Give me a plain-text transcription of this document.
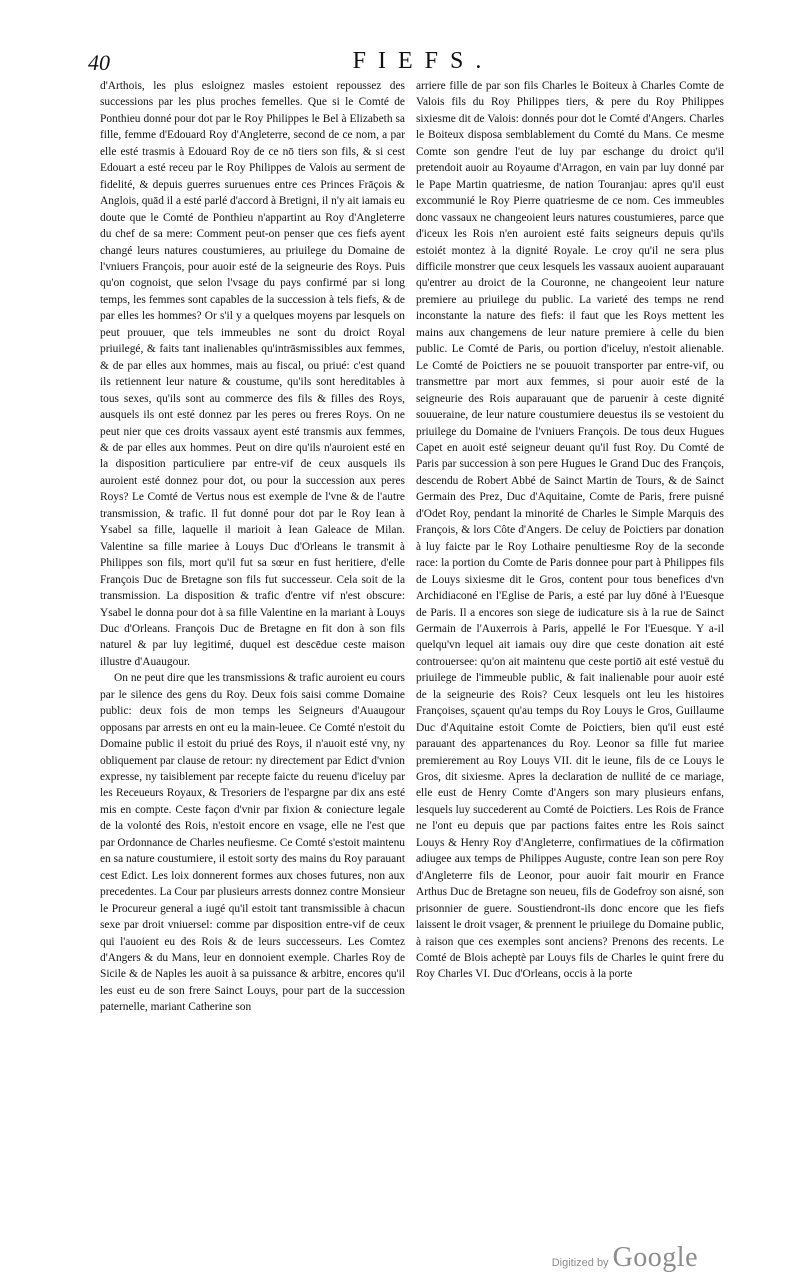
40	FIEFS.

d'Arthois, les plus esloignez masles estoient repoussez des successions par les plus proches femelles. Que si le Comté de Ponthieu donné pour dot par le Roy Philippes le Bel à Elizabeth sa fille, femme d'Edouard Roy d'Angleterre, second de ce nom, a par elle esté trasmis à Edouard Roy de ce nō tiers son fils, & si cest Edouart a esté receu par le Roy Philippes de Valois au serment de fidelité, & depuis guerres suruenues entre ces Princes Frāçois & Anglois, quād il a esté parlé d'accord à Bretigni, il n'y ait iamais eu doute que le Comté de Ponthieu n'appartint au Roy d'Angleterre du chef de sa mere: Comment peut-on penser que ces fiefs ayent changé leurs natures coustumieres, au priuilege du Domaine de l'vniuers François, pour auoir esté de la seigneurie des Roys. Puis qu'on cognoist, que selon l'vsage du pays confirmé par si long temps, les femmes sont capables de la succession à tels fiefs, & de par elles les hommes? Or s'il y a quelques moyens par lesquels on peut prouuer, que tels immeubles ne sont du droict Royal priuilegé, & faits tant inalienables qu'intrāsmissibles aux femmes, & de par elles aux hommes, mais au fiscal, ou priué: c'est quand ils retiennent leur nature & coustume, qu'ils sont hereditables à tous sexes, qu'ils sont au commerce des fils & filles des Roys, ausquels ils ont esté donnez par les peres ou freres Roys. On ne peut nier que ces droits vassaux ayent esté transmis aux femmes, & de par elles aux hommes. Peut on dire qu'ils n'auroient esté en la disposition particuliere par entre-vif de ceux ausquels ils auroient esté donnez pour dot, ou pour la succession aux peres Roys? Le Comté de Vertus nous est exemple de l'vne & de l'autre transmission, & trafic. Il fut donné pour dot par le Roy Iean à Ysabel sa fille, laquelle il marioit à Iean Galeace de Milan. Valentine sa fille mariee à Louys Duc d'Orleans le transmit à Philippes son fils, mort qu'il fut sa sœur en fust heritiere, d'elle François Duc de Bretagne son fils fut successeur. Cela soit de la transmission. La disposition & trafic d'entre vif n'est obscure: Ysabel le donna pour dot à sa fille Valentine en la mariant à Louys Duc d'Orleans. François Duc de Bretagne en fit don à son fils naturel & par luy legitimé, duquel est descēdue ceste maison illustre d'Auaugour.

On ne peut dire que les transmissions & trafic auroient eu cours par le silence des gens du Roy. Deux fois saisi comme Domaine public: deux fois de mon temps les Seigneurs d'Auaugour opposans par arrests en ont eu la main-leuee. Ce Comté n'estoit du Domaine public il estoit du priué des Roys, il n'auoit esté vny, ny obliquement par clause de retour: ny directement par Edict d'vnion expresse, ny taisiblement par recepte faicte du reuenu d'iceluy par les Receueurs Royaux, & Tresoriers de l'espargne par dix ans esté mis en compte. Ceste façon d'vnir par fixion & coniecture legale de la volonté des Rois, n'estoit encore en vsage, elle ne l'est que par Ordonnance de Charles neufiesme. Ce Comté s'estoit maintenu en sa nature coustumiere, il estoit sorty des mains du Roy parauant cest Edict. Les loix donnerent formes aux choses futures, non aux precedentes. La Cour par plusieurs arrests donnez contre Monsieur le Procureur general a iugé qu'il estoit tant transmissible à chacun sexe par droit vniuersel: comme par disposition entre-vif de ceux qui l'auoient eu des Rois & de leurs successeurs. Les Comtez d'Angers & du Mans, leur en donnoient exemple. Charles Roy de Sicile & de Naples les auoit à sa puissance & arbitre, encores qu'il les eust eu de son frere Sainct Louys, pour part de la succession paternelle, mariant Catherine son

arriere fille de par son fils Charles le Boiteux à Charles Comte de Valois fils du Roy Philippes tiers, & pere du Roy Philippes sixiesme dit de Valois: donnés pour dot le Comté d'Angers. Charles le Boiteux disposa semblablement du Comté du Mans. Ce mesme Comte son gendre l'eut de luy par eschange du droict qu'il pretendoit auoir au Royaume d'Arragon, en vain par luy donné par le Pape Martin quatriesme, de nation Touranjau: apres qu'il eust excommunié le Roy Pierre quatriesme de ce nom. Ces immeubles donc vassaux ne changeoient leurs natures coustumieres, parce que d'iceux les Rois n'en auroient esté faits seigneurs depuis qu'ils estoiét montez à la dignité Royale. Le croy qu'il ne sera plus difficile monstrer que ceux lesquels les vassaux auoient auparauant qu'entrer au droict de la Couronne, ne changeoient leur nature premiere au priuilege du public. La varieté des temps ne rend inconstante la nature des fiefs: il faut que les Roys mettent les mains aux changemens de leur nature premiere à celle du bien public. Le Comté de Paris, ou portion d'iceluy, n'estoit alienable. Le Comté de Poictiers ne se pouuoit transporter par entre-vif, ou transmettre par mort aux femmes, si pour auoir esté de la seigneurie des Rois auparauant que de paruenir à ceste dignité souueraine, de leur nature coustumiere deuestus ils se vestoient du priuilege du Domaine de l'vniuers François. De tous deux Hugues Capet en auoit esté seigneur deuant qu'il fust Roy. Du Comté de Paris par succession à son pere Hugues le Grand Duc des François, descendu de Robert Abbé de Sainct Martin de Tours, & de Sainct Germain des Prez, Duc d'Aquitaine, Comte de Paris, frere puisné d'Odet Roy, pendant la minorité de Charles le Simple Marquis des François, & lors Côte d'Angers. De celuy de Poictiers par donation à luy faicte par le Roy Lothaire penultiesme Roy de la seconde race: la portion du Comte de Paris donnee pour part à Philippes fils de Louys sixiesme dit le Gros, content pour tous benefices d'vn Archidiaconé en l'Eglise de Paris, a esté par luy dōné à l'Euesque de Paris. Il a encores son siege de iudicature sis à la rue de Sainct Germain de l'Auxerrois à Paris, appellé le For l'Euesque. Y a-il quelqu'vn lequel ait iamais ouy dire que ceste donation ait esté controuersee: qu'on ait maintenu que ceste portiō ait esté vestuë du priuilege de l'immeuble public, & fait inalienable pour auoir esté de la seigneurie des Rois? Ceux lesquels ont leu les histoires Françoises, sçauent qu'au temps du Roy Louys le Gros, Guillaume Duc d'Aquitaine estoit Comte de Poictiers, bien qu'il eust esté parauant des appartenances du Roy. Leonor sa fille fut mariee premierement au Roy Louys VII. dit le ieune, fils de ce Louys le Gros, dit sixiesme. Apres la declaration de nullité de ce mariage, elle eust de Henry Comte d'Angers son mary plusieurs enfans, lesquels luy succederent au Comté de Poictiers. Les Rois de France ne l'ont eu depuis que par pactions faites entre les Rois sainct Louys & Henry Roy d'Angleterre, confirmatiues de la cōfirmation adiugee aux temps de Philippes Auguste, contre Iean son pere Roy d'Angleterre fils de Leonor, pour auoir fait mourir en France Arthus Duc de Bretagne son neueu, fils de Godefroy son aisné, son prisonnier de guere. Soustiendront-ils donc encore que les fiefs laissent le droit vsager, & prennent le priuilege du Domaine public, à raison que ces exemples sont anciens? Prenons des recents. Le Comté de Blois acheptè par Louys fils de Charles le quint frere du Roy Charles VI. Duc d'Orleans, occis à la porte

Digitized by Google
